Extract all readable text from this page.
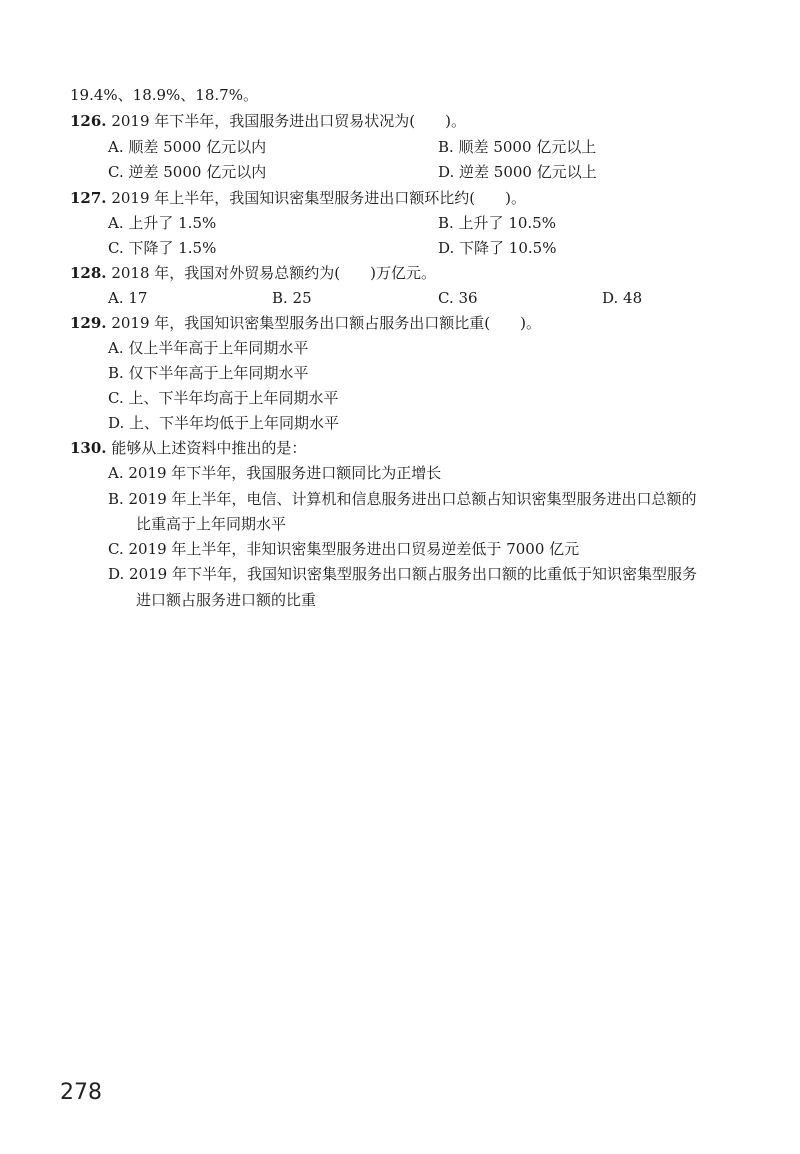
19.4%、18.9%、18.7%。
126. 2019 年下半年，我国服务进出口贸易状况为(　　)。
A. 顺差 5000 亿元以内	B. 顺差 5000 亿元以上
C. 逆差 5000 亿元以内	D. 逆差 5000 亿元以上
127. 2019 年上半年，我国知识密集型服务进出口额环比约(　　)。
A. 上升了 1.5%	B. 上升了 10.5%
C. 下降了 1.5%	D. 下降了 10.5%
128. 2018 年，我国对外贸易总额约为(　　)万亿元。
A. 17	B. 25	C. 36	D. 48
129. 2019 年，我国知识密集型服务出口额占服务出口额比重(　　)。
A. 仅上半年高于上年同期水平
B. 仅下半年高于上年同期水平
C. 上、下半年均高于上年同期水平
D. 上、下半年均低于上年同期水平
130. 能够从上述资料中推出的是：
A. 2019 年下半年，我国服务进口额同比为正增长
B. 2019 年上半年，电信、计算机和信息服务进出口总额占知识密集型服务进出口总额的
比重高于上年同期水平
C. 2019 年上半年，非知识密集型服务进出口贸易逆差低于 7000 亿元
D. 2019 年下半年，我国知识密集型服务出口额占服务出口额的比重低于知识密集型服务
进口额占服务进口额的比重
278
